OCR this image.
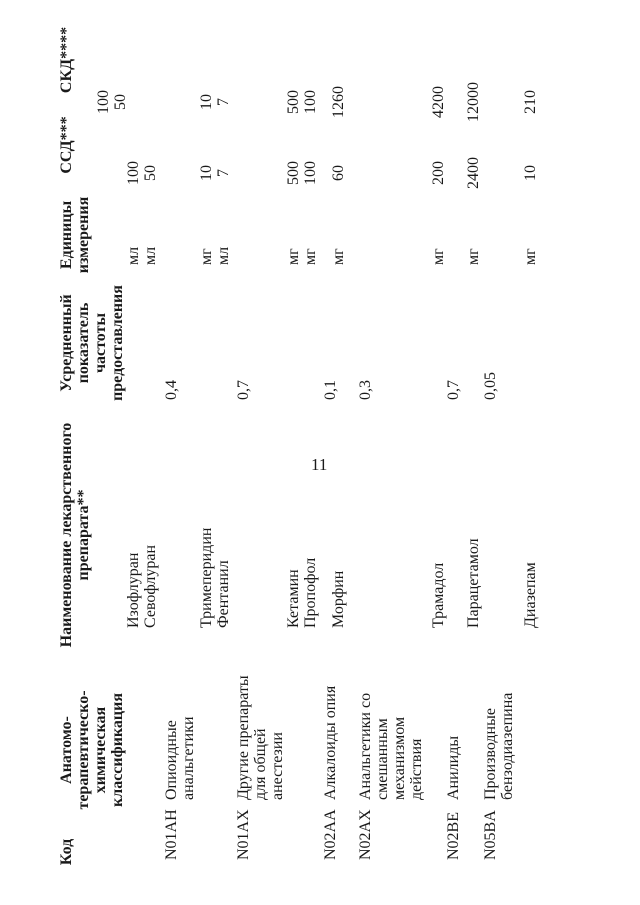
11
Код
Анатомо- терапевтическо- химическая классификация
Наименование лекарственного препарата**
Усредненный показатель частоты предоставления
Единицы измерения
ССД***
СКД****
N01AH
Опиоидные анальгетики
0,4
Изофлуран Севофлуран
мл мл
100 50
100 50
N01AX
Другие препараты для общей анестезии
0,7
Тримеперидин Фентанил
мг мл
10 7
10 7
Кетамин Пропофол
мг мг
500 100
500 100
N02AA
Алкалоиды опия
0,1
Морфин
мг
60
1260
N02AX
Анальгетики со смешанным механизмом действия
0,3
Трамадол
мг
200
4200
N02BE
Анилиды
0,7
Парацетамол
мг
2400
12000
N05BA
Производные бензодиазепина
0,05
Диазепам
мг
10
210
